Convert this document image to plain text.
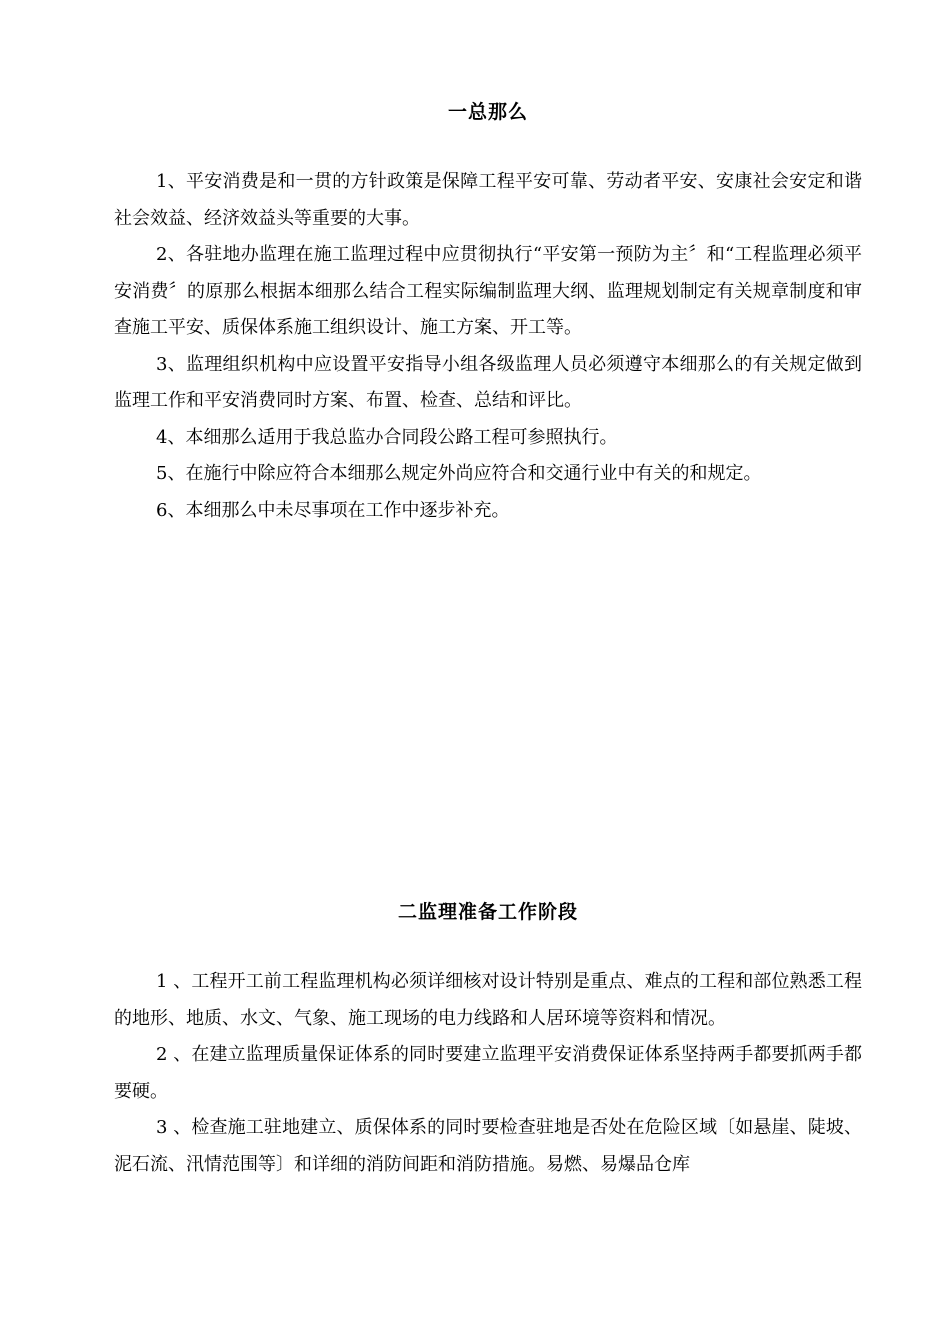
一总那么

1、平安消费是和一贯的方针政策是保障工程平安可靠、劳动者平安、安康社会安定和谐社会效益、经济效益头等重要的大事。

2、各驻地办监理在施工监理过程中应贯彻执行“平安第一预防为主〞和“工程监理必须平安消费〞的原那么根据本细那么结合工程实际编制监理大纲、监理规划制定有关规章制度和审查施工平安、质保体系施工组织设计、施工方案、开工等。

3、监理组织机构中应设置平安指导小组各级监理人员必须遵守本细那么的有关规定做到监理工作和平安消费同时方案、布置、检查、总结和评比。

4、本细那么适用于我总监办合同段公路工程可参照执行。

5、在施行中除应符合本细那么规定外尚应符合和交通行业中有关的和规定。

6、本细那么中未尽事项在工作中逐步补充。

二监理准备工作阶段

1 、工程开工前工程监理机构必须详细核对设计特别是重点、难点的工程和部位熟悉工程的地形、地质、水文、气象、施工现场的电力线路和人居环境等资料和情况。

2 、在建立监理质量保证体系的同时要建立监理平安消费保证体系坚持两手都要抓两手都要硬。

3 、检查施工驻地建立、质保体系的同时要检查驻地是否处在危险区域〔如悬崖、陡坡、泥石流、汛情范围等〕和详细的消防间距和消防措施。易燃、易爆品仓库
